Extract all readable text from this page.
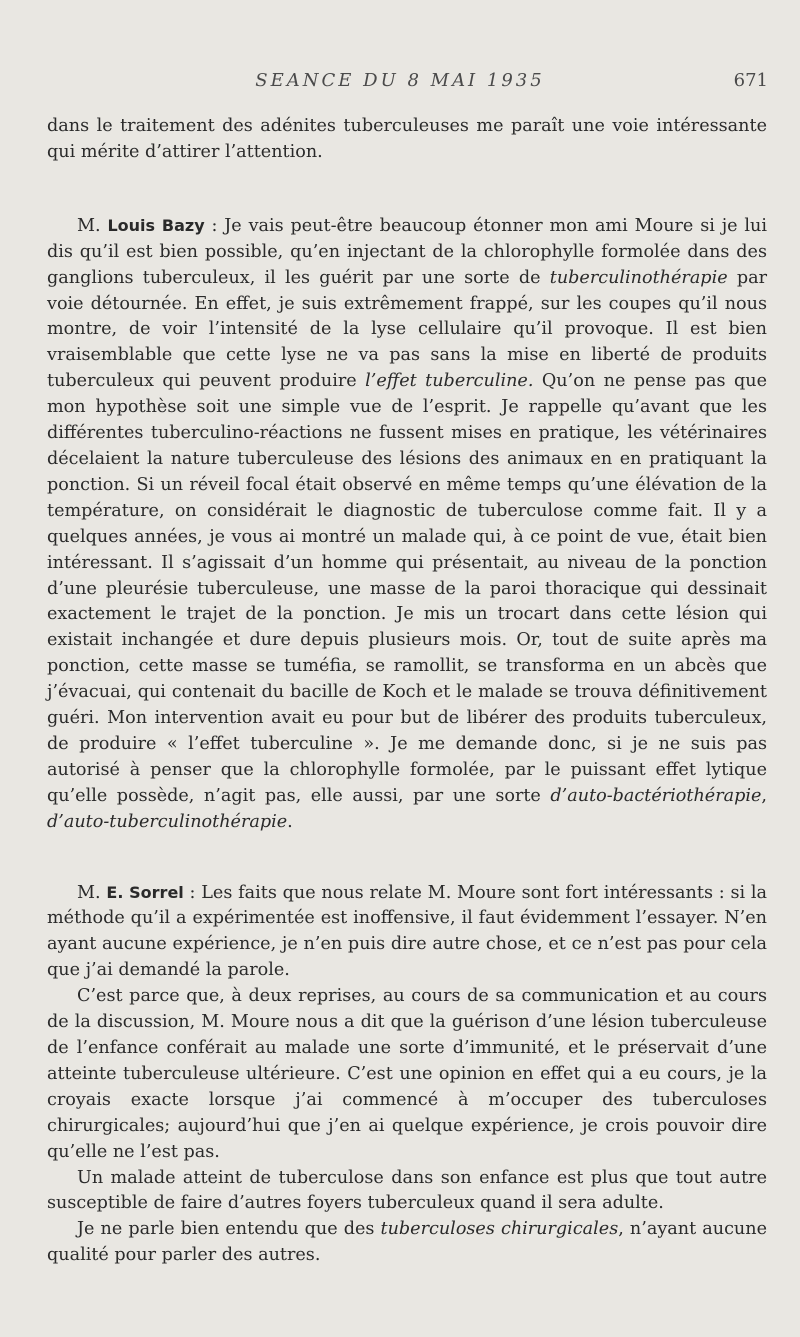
SEANCE DU 8 MAI 1935	671

dans le traitement des adénites tuberculeuses me paraît une voie intéressante qui mérite d’attirer l’attention.

M. Louis Bazy : Je vais peut-être beaucoup étonner mon ami Moure si je lui dis qu’il est bien possible, qu’en injectant de la chlorophylle formolée dans des ganglions tuberculeux, il les guérit par une sorte de tuberculinothérapie par voie détournée. En effet, je suis extrêmement frappé, sur les coupes qu’il nous montre, de voir l’intensité de la lyse cellulaire qu’il provoque. Il est bien vraisemblable que cette lyse ne va pas sans la mise en liberté de produits tuberculeux qui peuvent produire l’effet tuberculine. Qu’on ne pense pas que mon hypothèse soit une simple vue de l’esprit. Je rappelle qu’avant que les différentes tuberculino-réactions ne fussent mises en pratique, les vétérinaires décelaient la nature tuberculeuse des lésions des animaux en en pratiquant la ponction. Si un réveil focal était observé en même temps qu’une élévation de la température, on considérait le diagnostic de tuberculose comme fait. Il y a quelques années, je vous ai montré un malade qui, à ce point de vue, était bien intéressant. Il s’agissait d’un homme qui présentait, au niveau de la ponction d’une pleurésie tuberculeuse, une masse de la paroi thoracique qui dessinait exactement le trajet de la ponction. Je mis un trocart dans cette lésion qui existait inchangée et dure depuis plusieurs mois. Or, tout de suite après ma ponction, cette masse se tuméfia, se ramollit, se transforma en un abcès que j’évacuai, qui contenait du bacille de Koch et le malade se trouva définitivement guéri. Mon intervention avait eu pour but de libérer des produits tuberculeux, de produire « l’effet tuberculine ». Je me demande donc, si je ne suis pas autorisé à penser que la chlorophylle formolée, par le puissant effet lytique qu’elle possède, n’agit pas, elle aussi, par une sorte d’auto-bactériothérapie, d’auto-tuberculinothérapie.

M. E. Sorrel : Les faits que nous relate M. Moure sont fort intéressants : si la méthode qu’il a expérimentée est inoffensive, il faut évidemment l’essayer. N’en ayant aucune expérience, je n’en puis dire autre chose, et ce n’est pas pour cela que j’ai demandé la parole.

C’est parce que, à deux reprises, au cours de sa communication et au cours de la discussion, M. Moure nous a dit que la guérison d’une lésion tuberculeuse de l’enfance conférait au malade une sorte d’immunité, et le préservait d’une atteinte tuberculeuse ultérieure. C’est une opinion en effet qui a eu cours, je la croyais exacte lorsque j’ai commencé à m’occuper des tuberculoses chirurgicales; aujourd’hui que j’en ai quelque expérience, je crois pouvoir dire qu’elle ne l’est pas.

Un malade atteint de tuberculose dans son enfance est plus que tout autre susceptible de faire d’autres foyers tuberculeux quand il sera adulte.

Je ne parle bien entendu que des tuberculoses chirurgicales, n’ayant aucune qualité pour parler des autres.
